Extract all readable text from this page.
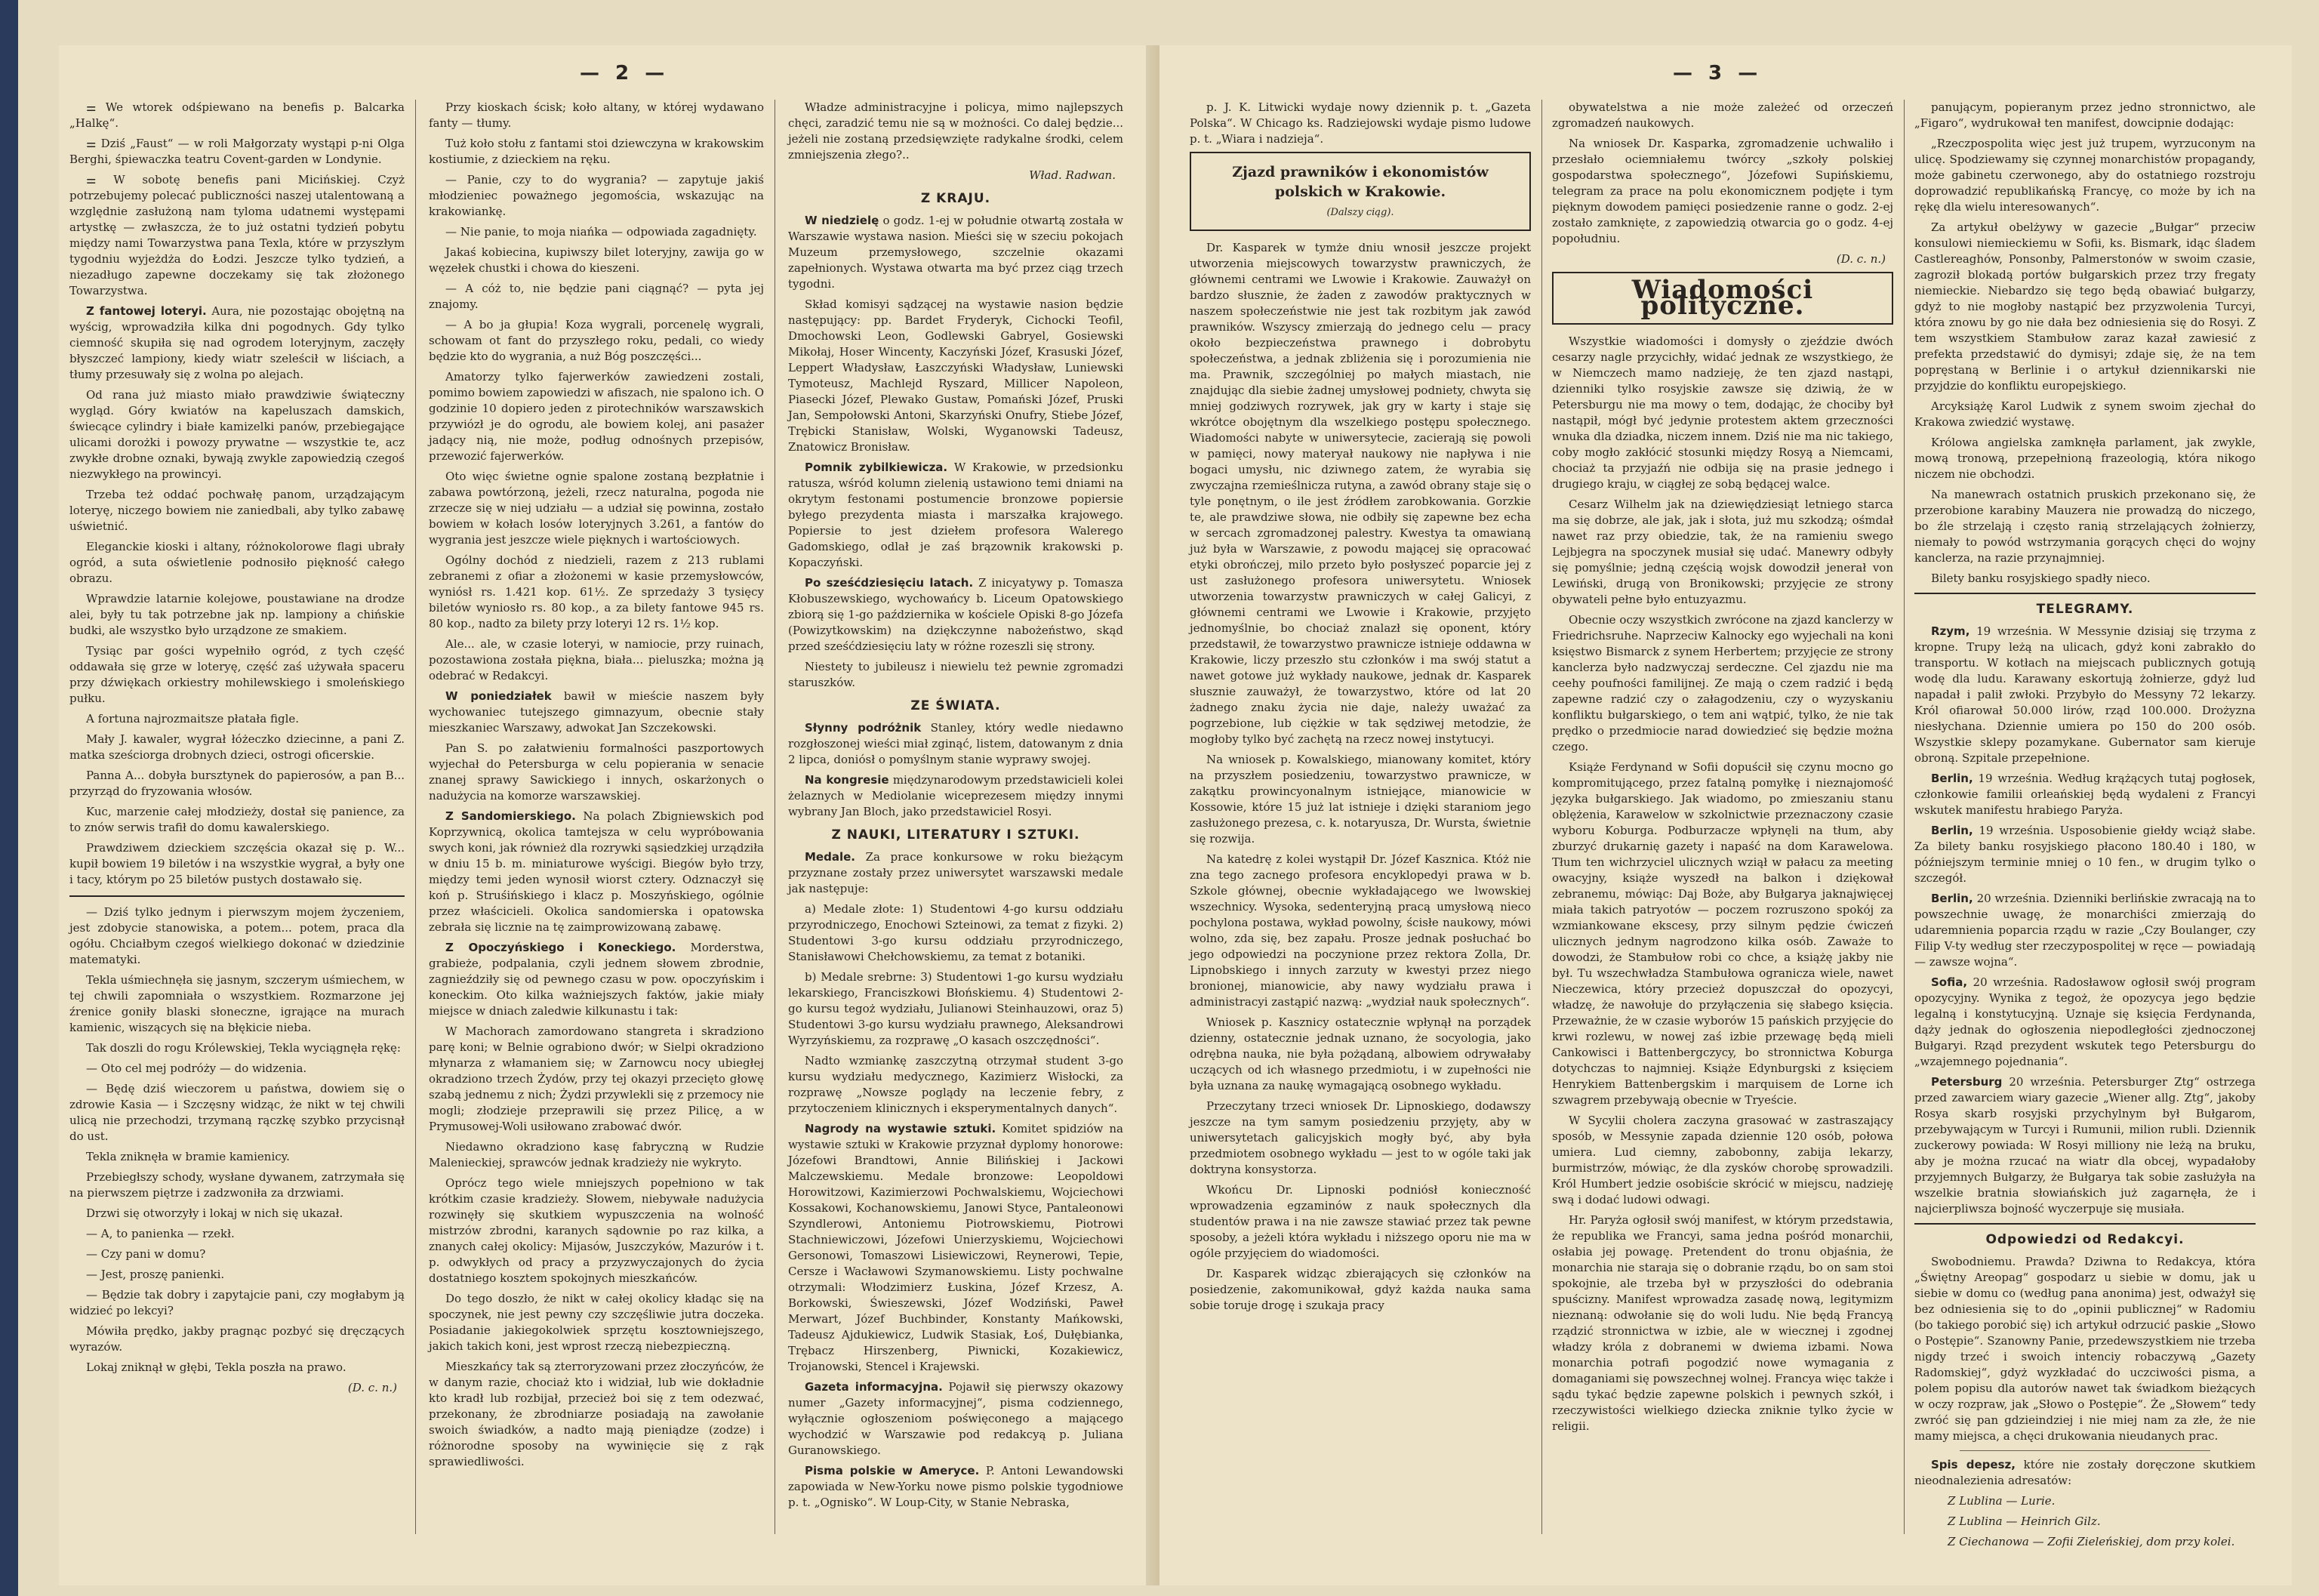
— 2 —

⚌ We wtorek odśpiewano na benefis p. Balcarka „Halkę“.

⚌ Dziś „Faust“ — w roli Małgorzaty wystąpi p-ni Olga Berghi, śpiewaczka teatru Covent-garden w Londynie.

⚌ W sobotę benefis pani Micińskiej. Czyż potrzebujemy polecać publiczności naszej utalentowaną a względnie zasłużoną nam tyloma udatnemi występami artystkę — zwłaszcza, że to już ostatni tydzień pobytu między nami Towarzystwa pana Texla, które w przyszłym tygodniu wyjeżdża do Łodzi. Jeszcze tylko tydzień, a niezadługo zapewne doczekamy się tak złożonego Towarzystwa.

Z fantowej loteryi. Aura, nie pozostając obojętną na wyścig, wprowadziła kilka dni pogodnych. Gdy tylko ciemność skupiła się nad ogrodem loteryjnym, zaczęły błyszczeć lampiony, kiedy wiatr szeleścił w liściach, a tłumy przesuwały się z wolna po alejach.

Od rana już miasto miało prawdziwie świąteczny wygląd. Góry kwiatów na kapeluszach damskich, świecące cylindry i białe kamizelki panów, przebiegające ulicami dorożki i powozy prywatne — wszystkie te, acz zwykłe drobne oznaki, bywają zwykle zapowiedzią czegoś niezwykłego na prowincyi.

Trzeba też oddać pochwałę panom, urządzającym loteryę, niczego bowiem nie zaniedbali, aby tylko zabawę uświetnić.

Eleganckie kioski i altany, różnokolorowe flagi ubrały ogród, a suta oświetlenie podnosiło piękność całego obrazu.

Wprawdzie latarnie kolejowe, poustawiane na drodze alei, były tu tak potrzebne jak np. lampiony a chińskie budki, ale wszystko było urządzone ze smakiem.

Tysiąc par gości wypełniło ogród, z tych część oddawała się grze w loteryę, część zaś używała spaceru przy dźwiękach orkiestry mohilewskiego i smoleńskiego pułku.

A fortuna najrozmaitsze płatała figle.

Mały J. kawaler, wygrał łóżeczko dziecinne, a pani Z. matka sześciorga drobnych dzieci, ostrogi oficerskie.

Panna A... dobyła bursztynek do papierosów, a pan B... przyrząd do fryzowania włosów.

Kuc, marzenie całej młodzieży, dostał się panience, za to znów serwis trafił do domu kawalerskiego.

Prawdziwem dzieckiem szczęścia okazał się p. W... kupił bowiem 19 biletów i na wszystkie wygrał, a były one i tacy, którym po 25 biletów pustych dostawało się.

— Dziś tylko jednym i pierwszym mojem życzeniem, jest zdobycie stanowiska, a potem... potem, praca dla ogółu. Chciałbym czegoś wielkiego dokonać w dziedzinie matematyki.

Tekla uśmiechnęła się jasnym, szczerym uśmiechem, w tej chwili zapomniała o wszystkiem. Rozmarzone jej źrenice goniły blaski słoneczne, igrające na murach kamienic, wiszących się na błękicie nieba.

Tak doszli do rogu Królewskiej, Tekla wyciągnęła rękę:

— Oto cel mej podróży — do widzenia.

— Będę dziś wieczorem u państwa, dowiem się o zdrowie Kasia — i Szczęsny widząc, że nikt w tej chwili ulicą nie przechodzi, trzymaną rączkę szybko przycisnął do ust.

Tekla zniknęła w bramie kamienicy.

Przebiegłszy schody, wysłane dywanem, zatrzymała się na pierwszem piętrze i zadzwoniła za drzwiami.

Drzwi się otworzyły i lokaj w nich się ukazał.

— A, to panienka — rzekł.

— Czy pani w domu?

— Jest, proszę panienki.

— Będzie tak dobry i zapytajcie pani, czy mogłabym ją widzieć po lekcyi?

Mówiła prędko, jakby pragnąc pozbyć się dręczących wyrazów.

Lokaj zniknął w głębi, Tekla poszła na prawo.

(D. c. n.)

Przy kioskach ścisk; koło altany, w której wydawano fanty — tłumy.

Tuż koło stołu z fantami stoi dziewczyna w krakowskim kostiumie, z dzieckiem na ręku.

— Panie, czy to do wygrania? — zapytuje jakiś młodzieniec poważnego jegomościa, wskazując na krakowiankę.

— Nie panie, to moja niańka — odpowiada zagadnięty.

Jakaś kobiecina, kupiwszy bilet loteryjny, zawija go w węzełek chustki i chowa do kieszeni.

— A cóż to, nie będzie pani ciągnąć? — pyta jej znajomy.

— A bo ja głupia! Koza wygrali, porcenelę wygrali, schowam ot fant do przyszłego roku, pedali, co wiedy będzie kto do wygrania, a nuż Bóg poszczęści...

Amatorzy tylko fajerwerków zawiedzeni zostali, pomimo bowiem zapowiedzi w afiszach, nie spalono ich. O godzinie 10 dopiero jeden z pirotechników warszawskich przywiózł je do ogrodu, ale bowiem kolej, ani pasażer jadący nią, nie może, podług odnośnych przepisów, przewozić fajerwerków.

Oto więc świetne ognie spalone zostaną bezpłatnie i zabawa powtórzoną, jeżeli, rzecz naturalna, pogoda nie zrzecze się w niej udziału — a udział się powinna, zostało bowiem w kołach losów loteryjnych 3.261, a fantów do wygrania jest jeszcze wiele pięknych i wartościowych.

Ogólny dochód z niedzieli, razem z 213 rublami zebranemi z ofiar a złożonemi w kasie przemysłowców, wyniósł rs. 1.421 kop. 61½. Ze sprzedaży 3 tysięcy biletów wyniosło rs. 80 kop., a za bilety fantowe 945 rs. 80 kop., nadto za bilety przy loteryi 12 rs. 1½ kop.

Ale... ale, w czasie loteryi, w namiocie, przy ruinach, pozostawiona została piękna, biała... pieluszka; można ją odebrać w Redakcyi.

W poniedziałek bawił w mieście naszem były wychowaniec tutejszego gimnazyum, obecnie stały mieszkaniec Warszawy, adwokat Jan Szczekowski.

Pan S. po załatwieniu formalności paszportowych wyjechał do Petersburga w celu popierania w senacie znanej sprawy Sawickiego i innych, oskarżonych o nadużycia na komorze warszawskiej.

Z Sandomierskiego. Na polach Zbigniewskich pod Koprzywnicą, okolica tamtejsza w celu wypróbowania swych koni, jak również dla rozrywki sąsiedzkiej urządziła w dniu 15 b. m. miniaturowe wyścigi. Biegów było trzy, między temi jeden wynosił wiorst cztery. Odznaczył się koń p. Struśińskiego i klacz p. Moszyńskiego, ogólnie przez właścicieli. Okolica sandomierska i opatowska zebrała się licznie na tę zaimprowizowaną zabawę.

Z Opoczyńskiego i Koneckiego. Morderstwa, grabieże, podpalania, czyli jednem słowem zbrodnie, zagnieździły się od pewnego czasu w pow. opoczyńskim i koneckim. Oto kilka ważniejszych faktów, jakie miały miejsce w dniach zaledwie kilkunastu i tak:

W Machorach zamordowano stangreta i skradziono parę koni; w Belnie ograbiono dwór; w Sielpi okradziono młynarza z włamaniem się; w Zarnowcu nocy ubiegłej okradziono trzech Żydów, przy tej okazyi przecięto głowę szabą jednemu z nich; Żydzi przywlekli się z przemocy nie mogli; złodzieje przeprawili się przez Pilicę, a w Prymusowej-Woli usiłowano zrabować dwór.

Niedawno okradziono kasę fabryczną w Rudzie Malenieckiej, sprawców jednak kradzieży nie wykryto.

Oprócz tego wiele mniejszych popełniono w tak krótkim czasie kradzieży. Słowem, niebywałe nadużycia rozwinęły się skutkiem wypuszczenia na wolność mistrzów zbrodni, karanych sądownie po raz kilka, a znanych całej okolicy: Mijasów, Juszczyków, Mazurów i t. p. odwykłych od pracy a przyzwyczajonych do życia dostatniego kosztem spokojnych mieszkańców.

Do tego doszło, że nikt w całej okolicy kładąc się na spoczynek, nie jest pewny czy szczęśliwie jutra doczeka. Posiadanie jakiegokolwiek sprzętu kosztowniejszego, jakich takich koni, jest wprost rzeczą niebezpieczną.

Mieszkańcy tak są zterroryzowani przez złoczyńców, że w danym razie, chociaż kto i widział, lub wie dokładnie kto kradł lub rozbijał, przecież boi się z tem odezwać, przekonany, że zbrodniarze posiadają na zawołanie swoich świadków, a nadto mają pieniądze (zodze) i różnorodne sposoby na wywinięcie się z rąk sprawiedliwości.

Władze administracyjne i policya, mimo najlepszych chęci, zaradzić temu nie są w możności. Co dalej będzie... jeżeli nie zostaną przedsięwzięte radykalne środki, celem zmniejszenia złego?..

Wład. Radwan.
Z KRAJU.

W niedzielę o godz. 1-ej w południe otwartą została w Warszawie wystawa nasion. Mieści się w szeciu pokojach Muzeum przemysłowego, szczelnie okazami zapełnionych. Wystawa otwarta ma być przez ciąg trzech tygodni.

Skład komisyi sądzącej na wystawie nasion będzie następujący: pp. Bardet Fryderyk, Cichocki Teofil, Dmochowski Leon, Godlewski Gabryel, Gosiewski Mikołaj, Hoser Wincenty, Kaczyński Józef, Krasuski Józef, Leppert Władysław, Łaszczyński Władysław, Luniewski Tymoteusz, Machlejd Ryszard, Millicer Napoleon, Piasecki Józef, Plewako Gustaw, Pomański Józef, Pruski Jan, Sempołowski Antoni, Skarzyński Onufry, Stiebe Józef, Trębicki Stanisław, Wolski, Wyganowski Tadeusz, Znatowicz Bronisław.

Pomnik zybilkiewicza. W Krakowie, w przedsionku ratusza, wśród kolumn zielenią ustawiono temi dniami na okrytym festonami postumencie bronzowe popiersie byłego prezydenta miasta i marszałka krajowego. Popiersie to jest dziełem profesora Walerego Gadomskiego, odlał je zaś brązownik krakowski p. Kopaczyński.

Po sześćdziesięciu latach. Z inicyatywy p. Tomasza Kłobuszewskiego, wychowańcy b. Liceum Opatowskiego zbiorą się 1-go października w kościele Opiski 8-go Józefa (Powizytkowskim) na dziękczynne nabożeństwo, skąd przed sześćdziesięciu laty w różne rozeszli się strony.

Niestety to jubileusz i niewielu też pewnie zgromadzi staruszków.

ZE ŚWIATA.

Słynny podróżnik Stanley, który wedle niedawno rozgłoszonej wieści miał zginąć, listem, datowanym z dnia 2 lipca, doniósł o pomyślnym stanie wyprawy swojej.

Na kongresie międzynarodowym przedstawicieli kolei żelaznych w Mediolanie wiceprezesem między innymi wybrany Jan Bloch, jako przedstawiciel Rosyi.

Z NAUKI, LITERATURY I SZTUKI.

Medale. Za prace konkursowe w roku bieżącym przyznane zostały przez uniwersytet warszawski medale jak następuje:

a) Medale złote: 1) Studentowi 4-go kursu oddziału przyrodniczego, Enochowi Szteinowi, za temat z fizyki. 2) Studentowi 3-go kursu oddziału przyrodniczego, Stanisławowi Chełchowskiemu, za temat z botaniki.

b) Medale srebrne: 3) Studentowi 1-go kursu wydziału lekarskiego, Franciszkowi Błońskiemu. 4) Studentowi 2-go kursu tegoż wydziału, Julianowi Steinhauzowi, oraz 5) Studentowi 3-go kursu wydziału prawnego, Aleksandrowi Wyrzyńskiemu, za rozprawę „O kasach oszczędności“.

Nadto wzmiankę zaszczytną otrzymał student 3-go kursu wydziału medycznego, Kazimierz Wisłocki, za rozprawę „Nowsze poglądy na leczenie febry, z przytoczeniem klinicznych i eksperymentalnych danych“.

Nagrody na wystawie sztuki. Komitet spidziów na wystawie sztuki w Krakowie przyznał dyplomy honorowe: Józefowi Brandtowi, Annie Bilińskiej i Jackowi Malczewskiemu. Medale bronzowe: Leopoldowi Horowitzowi, Kazimierzowi Pochwalskiemu, Wojciechowi Kossakowi, Kochanowskiemu, Janowi Styce, Pantaleonowi Szyndlerowi, Antoniemu Piotrowskiemu, Piotrowi Stachniewiczowi, Józefowi Unierzyskiemu, Wojciechowi Gersonowi, Tomaszowi Lisiewiczowi, Reynerowi, Tepie, Cersze i Wacławowi Szymanowskiemu. Listy pochwalne otrzymali: Włodzimierz Łuskina, Józef Krzesz, A. Borkowski, Świeszewski, Józef Wodziński, Paweł Merwart, Józef Buchbinder, Konstanty Mańkowski, Tadeusz Ajdukiewicz, Ludwik Stasiak, Łoś, Dułębianka, Trębacz Hirszenberg, Piwnicki, Kozakiewicz, Trojanowski, Stencel i Krajewski.

Gazeta informacyjna. Pojawił się pierwszy okazowy numer „Gazety informacyjnej“, pisma codziennego, wyłącznie ogłoszeniom poświęconego a mającego wychodzić w Warszawie pod redakcyą p. Juliana Guranowskiego.

Pisma polskie w Ameryce. P. Antoni Lewandowski zapowiada w New-Yorku nowe pismo polskie tygodniowe p. t. „Ognisko“. W Loup-City, w Stanie Nebraska,

— 3 —

p. J. K. Litwicki wydaje nowy dziennik p. t. „Gazeta Polska“. W Chicago ks. Radziejowski wydaje pismo ludowe p. t. „Wiara i nadzieja“.

Zjazd prawników i ekonomistów polskich w Krakowie.
(Dalszy ciąg).

Dr. Kasparek w tymże dniu wnosił jeszcze projekt utworzenia miejscowych towarzystw prawniczych, że głównemi centrami we Lwowie i Krakowie. Zauważył on bardzo słusznie, że żaden z zawodów praktycznych w naszem społeczeństwie nie jest tak rozbitym jak zawód prawników. Wszyscy zmierzają do jednego celu — pracy około bezpieczeństwa prawnego i dobrobytu społeczeństwa, a jednak zbliżenia się i porozumienia nie ma. Prawnik, szczególniej po małych miastach, nie znajdując dla siebie żadnej umysłowej podniety, chwyta się mniej godziwych rozrywek, jak gry w karty i staje się wkrótce obojętnym dla wszelkiego postępu społecznego. Wiadomości nabyte w uniwersytecie, zacierają się powoli w pamięci, nowy materyał naukowy nie napływa i nie bogaci umysłu, nic dziwnego zatem, że wyrabia się zwyczajna rzemieślnicza rutyna, a zawód obrany staje się o tyle ponętnym, o ile jest źródłem zarobkowania. Gorzkie te, ale prawdziwe słowa, nie odbiły się zapewne bez echa w sercach zgromadzonej palestry. Kwestya ta omawianą już była w Warszawie, z powodu mającej się opracować etyki obrończej, milo przeto było posłyszeć poparcie jej z ust zasłużonego profesora uniwersytetu. Wniosek utworzenia towarzystw prawniczych w całej Galicyi, z głównemi centrami we Lwowie i Krakowie, przyjęto jednomyślnie, bo chociaż znalazł się oponent, który przedstawił, że towarzystwo prawnicze istnieje oddawna w Krakowie, liczy przeszło stu członków i ma swój statut a nawet gotowe już wykłady naukowe, jednak dr. Kasparek słusznie zauważył, że towarzystwo, które od lat 20 żadnego znaku życia nie daje, należy uważać za pogrzebione, lub ciężkie w tak sędziwej metodzie, że mogłoby tylko być zachętą na rzecz nowej instytucyi.

Na wniosek p. Kowalskiego, mianowany komitet, który na przyszłem posiedzeniu, towarzystwo prawnicze, w zakątku prowincyonalnym istniejące, mianowicie w Kossowie, które 15 już lat istnieje i dzięki staraniom jego zasłużonego prezesa, c. k. notaryusza, Dr. Wursta, świetnie się rozwija.

Na katedrę z kolei wystąpił Dr. Józef Kasznica. Któż nie zna tego zacnego profesora encyklopedyi prawa w b. Szkole głównej, obecnie wykładającego we lwowskiej wszechnicy. Wysoka, sedenteryjną pracą umysłową nieco pochylona postawa, wykład powolny, ścisłe naukowy, mówi wolno, zda się, bez zapału. Prosze jednak posłuchać bo jego odpowiedzi na poczynione przez rektora Zolla, Dr. Lipnobskiego i innych zarzuty w kwestyi przez niego bronionej, mianowicie, aby nawy wydziału prawa i administracyi zastąpić nazwą: „wydział nauk społecznych“.

Wniosek p. Kasznicy ostatecznie wpłynął na porządek dzienny, ostatecznie jednak uznano, że socyologia, jako odrębna nauka, nie była pożądaną, albowiem odrywałaby uczących od ich własnego przedmiotu, i w zupełności nie była uznana za naukę wymagającą osobnego wykładu.

Przeczytany trzeci wniosek Dr. Lipnoskiego, dodawszy jeszcze na tym samym posiedzeniu przyjęty, aby w uniwersytetach galicyjskich mogły być, aby była przedmiotem osobnego wykładu — jest to w ogóle taki jak doktryna konsystorza.

Wkońcu Dr. Lipnoski podniósł konieczność wprowadzenia egzaminów z nauk społecznych dla studentów prawa i na nie zawsze stawiać przez tak pewne sposoby, a jeżeli która wykładu i niższego oporu nie ma w ogóle przyjęciem do wiadomości.

Dr. Kasparek widząc zbierających się członków na posiedzenie, zakomunikował, gdyż każda nauka sama sobie toruje drogę i szukaja pracy

obywatelstwa a nie może zależeć od orzeczeń zgromadzeń naukowych.

Na wniosek Dr. Kasparka, zgromadzenie uchwaliło i przesłało ociemniałemu twórcy „szkoły polskiej gospodarstwa społecznego“, Józefowi Supińskiemu, telegram za prace na polu ekonomicznem podjęte i tym pięknym dowodem pamięci posiedzenie ranne o godz. 2-ej zostało zamknięte, z zapowiedzią otwarcia go o godz. 4-ej popołudniu.

(D. c. n.)
Wiadomości polityczne.

Wszystkie wiadomości i domysły o zjeździe dwóch cesarzy nagle przycichły, widać jednak ze wszystkiego, że w Niemczech mamo nadzieję, że ten zjazd nastąpi, dzienniki tylko rosyjskie zawsze się dziwią, że w Petersburgu nie ma mowy o tem, dodając, że chociby był nastąpił, mógł być jedynie protestem aktem grzeczności wnuka dla dziadka, niczem innem. Dziś nie ma nic takiego, coby mogło zakłócić stosunki między Rosyą a Niemcami, chociaż ta przyjaźń nie odbija się na prasie jednego i drugiego kraju, w ciągłej ze sobą będącej walce.

Cesarz Wilhelm jak na dziewiędziesiąt letniego starca ma się dobrze, ale jak, jak i słota, już mu szkodzą; ośmdał nawet raz przy obiedzie, tak, że na ramieniu swego Lejbjegra na spoczynek musiał się udać. Manewry odbyły się pomyślnie; jedną częścią wojsk dowodził jenerał von Lewiński, drugą von Bronikowski; przyjęcie ze strony obywateli pełne było entuzyazmu.

Obecnie oczy wszystkich zwrócone na zjazd kanclerzy w Friedrichsruhe. Naprzeciw Kalnocky ego wyjechali na koni księstwo Bismarck z synem Herbertem; przyjęcie ze strony kanclerza było nadzwyczaj serdeczne. Cel zjazdu nie ma ceehy poufności familijnej. Ze mają o czem radzić i będą zapewne radzić czy o załagodzeniu, czy o wyzyskaniu konfliktu bułgarskiego, o tem ani wątpić, tylko, że nie tak prędko o przedmiocie narad dowiedzieć się będzie można czego.

Książe Ferdynand w Sofii dopuścił się czynu mocno go kompromitującego, przez fatalną pomyłkę i nieznajomość języka bułgarskiego. Jak wiadomo, po zmieszaniu stanu oblężenia, Karawelow w szkolnictwie przeznaczony czasie wyboru Koburga. Podburzacze wpłynęli na tłum, aby zburzyć drukarnię gazety i napaść na dom Karawelowa. Tłum ten wichrzyciel ulicznych wziął w pałacu za meeting owacyjny, książe wyszedł na balkon i dziękował zebranemu, mówiąc: Daj Boże, aby Bułgarya jaknajwięcej miała takich patryotów — poczem rozruszono spokój za wzmiankowane ekscesy, przy silnym pędzie ćwiczeń ulicznych jednym nagrodzono kilka osób. Zaważe to dowodzi, że Stambułow robi co chce, a książę jakby nie był. Tu wszechwładza Stambułowa ogranicza wiele, nawet Nieczewica, który przecież dopuszczał do opozycyi, władzę, że nawołuje do przyłączenia się słabego księcia. Przeważnie, że w czasie wyborów 15 pańskich przyjęcie do krwi rozlewu, w nowej zaś izbie przewagę będą mieli Cankowisci i Battenbergczycy, bo stronnictwa Koburga dotychczas to najmniej. Książe Edynburgski z księciem Henrykiem Battenbergskim i marquisem de Lorne ich szwagrem przebywają obecnie w Tryeście.

W Sycylii cholera zaczyna grasować w zastraszający sposób, w Messynie zapada dziennie 120 osób, połowa umiera. Lud ciemny, zabobonny, zabija lekarzy, burmistrzów, mówiąc, że dla zysków chorobę sprowadzili. Król Humbert jedzie osobiście skrócić w miejscu, nadzieję swą i dodać ludowi odwagi.

Hr. Paryża ogłosił swój manifest, w którym przedstawia, że republika we Francyi, sama jedna pośród monarchii, osłabia jej powagę. Pretendent do tronu objaśnia, że monarchia nie staraja się o dobranie rządu, bo on sam stoi spokojnie, ale trzeba był w przyszłości do odebrania spuścizny. Manifest wprowadza zasadę nową, legitymizm nieznaną: odwołanie się do woli ludu. Nie będą Francyą rządzić stronnictwa w izbie, ale w wiecznej i zgodnej władzy króla z dobranemi w dwiema izbami. Nowa monarchia potrafi pogodzić nowe wymagania z domaganiami się powszechnej wolnej. Francya więc także i sądu tykać będzie zapewne polskich i pewnych szkół, i rzeczywistości wielkiego dziecka zniknie tylko życie w religii.

panującym, popieranym przez jedno stronnictwo, ale „Figaro“, wydrukował ten manifest, dowcipnie dodając:

„Rzeczpospolita więc jest już trupem, wyrzuconym na ulicę. Spodziewamy się czynnej monarchistów propagandy, może gabinetu czerwonego, aby do ostatniego rozstroju doprowadzić republikańską Francyę, co może by ich na rękę dla wielu interesowanych“.

Za artykuł obelżywy w gazecie „Bułgar“ przeciw konsulowi niemieckiemu w Sofii, ks. Bismark, idąc śladem Castlereaghów, Ponsonby, Palmerstonów w swoim czasie, zagroził blokadą portów bułgarskich przez trzy fregaty niemieckie. Niebardzo się tego będą obawiać bułgarzy, gdyż to nie mogłoby nastąpić bez przyzwolenia Turcyi, która znowu by go nie dała bez odniesienia się do Rosyi. Z tem wszystkiem Stambułow zaraz kazał zawiesić z prefekta przedstawić do dymisyi; zdaje się, że na tem popręstaną w Berlinie i o artykuł dziennikarski nie przyjdzie do konfliktu europejskiego.

Arcyksiążę Karol Ludwik z synem swoim zjechał do Krakowa zwiedzić wystawę.

Królowa angielska zamknęła parlament, jak zwykle, mową tronową, przepełnioną frazeologią, która nikogo niczem nie obchodzi.

Na manewrach ostatnich pruskich przekonano się, że przerobione karabiny Mauzera nie prowadzą do niczego, bo źle strzelają i często ranią strzelających żołnierzy, niemały to powód wstrzymania gorących chęci do wojny kanclerza, na razie przynajmniej.

Bilety banku rosyjskiego spadły nieco.

TELEGRAMY.

Rzym, 19 września. W Messynie dzisiaj się trzyma z kropne. Trupy leżą na ulicach, gdyż koni zabrakło do transportu. W kotłach na miejscach publicznych gotują wodę dla ludu. Karawany eskortują żołnierze, gdyż lud napadał i palił zwłoki. Przybyło do Messyny 72 lekarzy. Król ofiarował 50.000 lirów, rząd 100.000. Drożyzna niesłychana. Dziennie umiera po 150 do 200 osób. Wszystkie sklepy pozamykane. Gubernator sam kieruje obroną. Szpitale przepełnione.

Berlin, 19 września. Według krążących tutaj pogłosek, członkowie familii orleańskiej będą wydaleni z Francyi wskutek manifestu hrabiego Paryża.

Berlin, 19 września. Usposobienie giełdy wciąż słabe. Za bilety banku rosyjskiego płacono 180.40 i 180, w późniejszym terminie mniej o 10 fen., w drugim tylko o szczegół.

Berlin, 20 września. Dzienniki berlińskie zwracają na to powszechnie uwagę, że monarchiści zmierzają do udaremnienia poparcia rządu w razie „Czy Boulanger, czy Filip V-ty według ster rzeczypospolitej w ręce — powiadają — zawsze wojna“.

Sofia, 20 września. Radosławow ogłosił swój program opozycyjny. Wynika z tegoż, że opozycya jego będzie legalną i konstytucyjną. Uznaje się księcia Ferdynanda, dąży jednak do ogłoszenia niepodległości zjednoczonej Bułgaryi. Rząd prezydent wskutek tego Petersburgu do „wzajemnego pojednania“.

Petersburg 20 września. Petersburger Ztg“ ostrzega przed zawarciem wiary gazecie „Wiener allg. Ztg“, jakoby Rosya skarb rosyjski przychylnym był Bułgarom, przebywającym w Turcyi i Rumunii, milion rubli. Dziennik zuckerowy powiada: W Rosyi milliony nie leżą na bruku, aby je można rzucać na wiatr dla obcej, wypadałoby przyjemnych Bułgarzy, że Bułgarya tak sobie zasłużyła na wszelkie bratnia słowiańskich już zagarnęła, że i najcierpliwsza bojność wyczerpuje się musiała.

Odpowiedzi od Redakcyi.

Swobodniemu. Prawda? Dziwna to Redakcya, która „Świętny Areopag“ gospodarz u siebie w domu, jak u siebie w domu co (według pana anonima) jest, odważył się bez odniesienia się to do „opinii publicznej“ w Radomiu (bo takiego porobić się) ich artykuł odrzucić paskie „Słowo o Postępie“. Szanowny Panie, przedewszystkiem nie trzeba nigdy trzeć i swoich intenciy robaczywą „Gazety Radomskiej“, gdyż wyzkładać do uczciwości pisma, a polem popisu dla autorów nawet tak świadkom bieżących w oczy rozpraw, jak „Słowo o Postępie“. Że „Słowem“ tedy zwróć się pan gdzieindziej i nie miej nam za złe, że nie mamy miejsca, a chęci drukowania nieudanych prac.

Spis depesz, które nie zostały doręczone skutkiem nieodnalezienia adresatów:

Z Lublina — Lurie.

Z Lublina — Heinrich Gilz.

Z Ciechanowa — Zofii Zieleńskiej, dom przy kolei.
